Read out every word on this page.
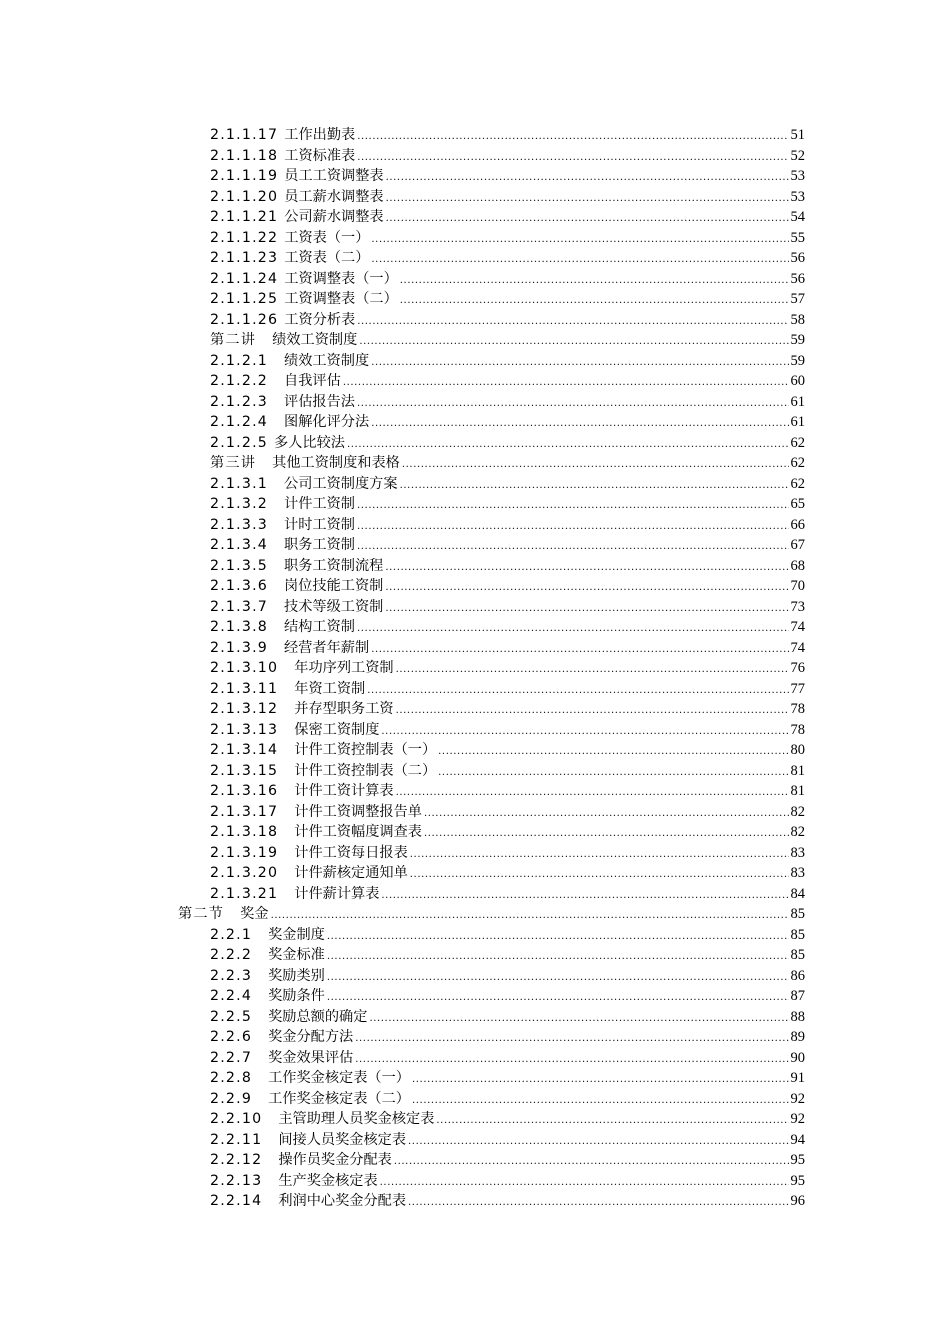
2.1.1.17 工作出勤表 .....	51
2.1.1.18 工资标准表 .....	52
2.1.1.19 员工工资调整表 .....	53
2.1.1.20 员工薪水调整表 .....	53
2.1.1.21 公司薪水调整表 .....	54
2.1.1.22 工资表（一） .....	55
2.1.1.23 工资表（二） .....	56
2.1.1.24 工资调整表（一） .....	56
2.1.1.25 工资调整表（二） .....	57
2.1.1.26 工资分析表 .....	58
第二讲 绩效工资制度 .....	59
2.1.2.1 绩效工资制度 .....	59
2.1.2.2 自我评估 .....	60
2.1.2.3 评估报告法 .....	61
2.1.2.4 图解化评分法 .....	61
2.1.2.5 多人比较法 .....	62
第三讲 其他工资制度和表格 .....	62
2.1.3.1 公司工资制度方案 .....	62
2.1.3.2 计件工资制 .....	65
2.1.3.3 计时工资制 .....	66
2.1.3.4 职务工资制 .....	67
2.1.3.5 职务工资制流程 .....	68
2.1.3.6 岗位技能工资制 .....	70
2.1.3.7 技术等级工资制 .....	73
2.1.3.8 结构工资制 .....	74
2.1.3.9 经营者年薪制 .....	74
2.1.3.10 年功序列工资制 .....	76
2.1.3.11 年资工资制 .....	77
2.1.3.12 并存型职务工资 .....	78
2.1.3.13 保密工资制度 .....	78
2.1.3.14 计件工资控制表（一） .....	80
2.1.3.15 计件工资控制表（二） .....	81
2.1.3.16 计件工资计算表 .....	81
2.1.3.17 计件工资调整报告单 .....	82
2.1.3.18 计件工资幅度调查表 .....	82
2.1.3.19 计件工资每日报表 .....	83
2.1.3.20 计件薪核定通知单 .....	83
2.1.3.21 计件薪计算表 .....	84
第二节 奖金 .....	85
2.2.1 奖金制度 .....	85
2.2.2 奖金标准 .....	85
2.2.3 奖励类别 .....	86
2.2.4 奖励条件 .....	87
2.2.5 奖励总额的确定 .....	88
2.2.6 奖金分配方法 .....	89
2.2.7 奖金效果评估 .....	90
2.2.8 工作奖金核定表（一） .....	91
2.2.9 工作奖金核定表（二） .....	92
2.2.10 主管助理人员奖金核定表 .....	92
2.2.11 间接人员奖金核定表 .....	94
2.2.12 操作员奖金分配表 .....	95
2.2.13 生产奖金核定表 .....	95
2.2.14 利润中心奖金分配表 .....	96
